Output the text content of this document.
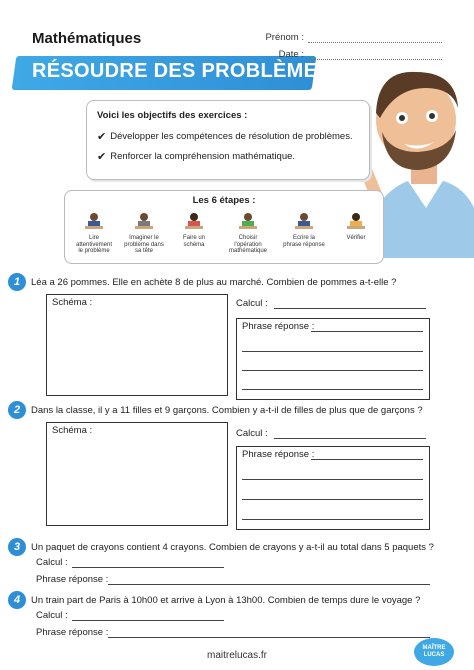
Mathématiques
RÉSOUDRE DES PROBLÈMES
Prénom :
Date :
Voici les objectifs des exercices :
✔ Développer les compétences de résolution de problèmes.
✔ Renforcer la compréhension mathématique.
Les 6 étapes :
Lire attentivement le problème
Imaginer le problème dans sa tête
Faire un schéma
Choisir l'opération mathématique
Ecrire la phrase réponse
Vérifier
1	Léa a 26 pommes. Elle en achète 8 de plus au marché. Combien de pommes a-t-elle ?
Schéma :	Calcul :
Phrase réponse :
2	Dans la classe, il y a 11 filles et 9 garçons. Combien y a-t-il de filles de plus que de garçons ?
Schéma :	Calcul :
Phrase réponse :
3	Un paquet de crayons contient 4 crayons. Combien de crayons y a-t-il au total dans 5 paquets ?
Calcul :
Phrase réponse :
4	Un train part de Paris à 10h00 et arrive à Lyon à 13h00. Combien de temps dure le voyage ?
Calcul :
Phrase réponse :
maitrelucas.fr
MAÎTRE
LUCAS
